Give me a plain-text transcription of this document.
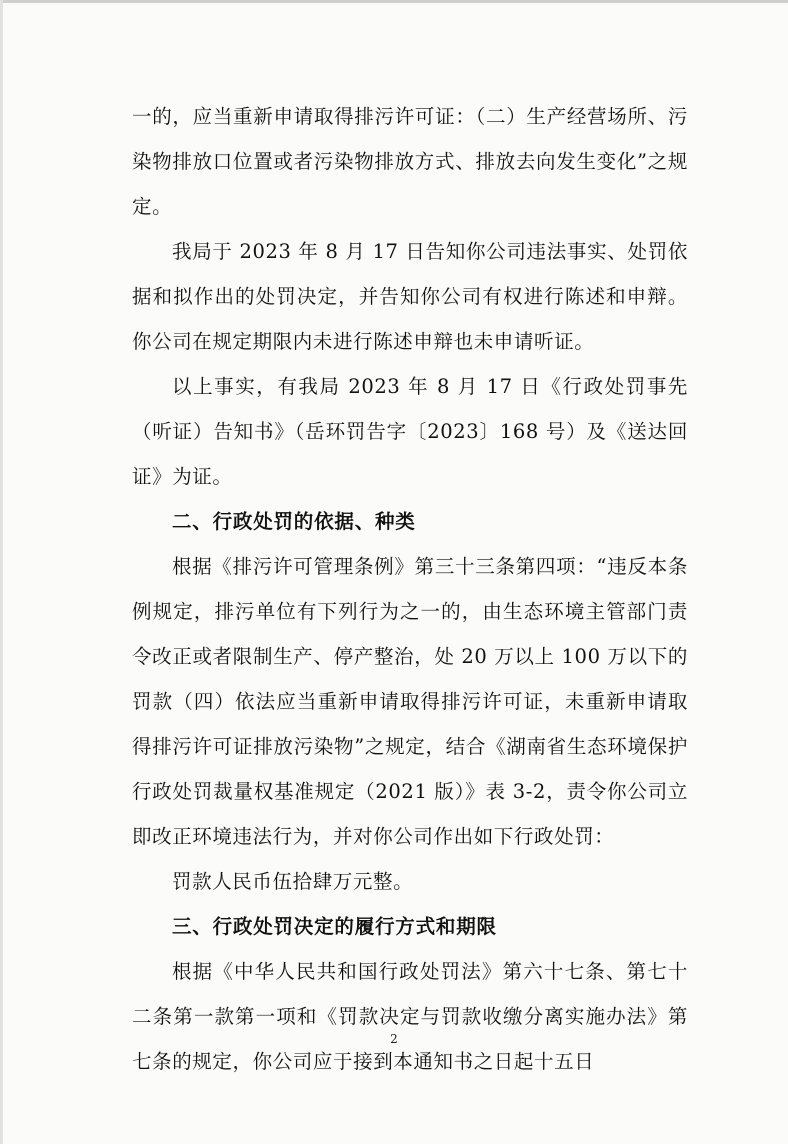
一的，应当重新申请取得排污许可证：（二）生产经营场所、污染物排放口位置或者污染物排放方式、排放去向发生变化”之规定。

我局于 2023 年 8 月 17 日告知你公司违法事实、处罚依据和拟作出的处罚决定，并告知你公司有权进行陈述和申辩。你公司在规定期限内未进行陈述申辩也未申请听证。

以上事实，有我局 2023 年 8 月 17 日《行政处罚事先（听证）告知书》（岳环罚告字〔2023〕168 号）及《送达回证》为证。

二、行政处罚的依据、种类

根据《排污许可管理条例》第三十三条第四项：“违反本条例规定，排污单位有下列行为之一的，由生态环境主管部门责令改正或者限制生产、停产整治，处 20 万以上 100 万以下的罚款（四）依法应当重新申请取得排污许可证，未重新申请取得排污许可证排放污染物”之规定，结合《湖南省生态环境保护行政处罚裁量权基准规定（2021 版）》表 3-2，责令你公司立即改正环境违法行为，并对你公司作出如下行政处罚：

罚款人民币伍拾肆万元整。

三、行政处罚决定的履行方式和期限

根据《中华人民共和国行政处罚法》第六十七条、第七十二条第一款第一项和《罚款决定与罚款收缴分离实施办法》第七条的规定，你公司应于接到本通知书之日起十五日

2
